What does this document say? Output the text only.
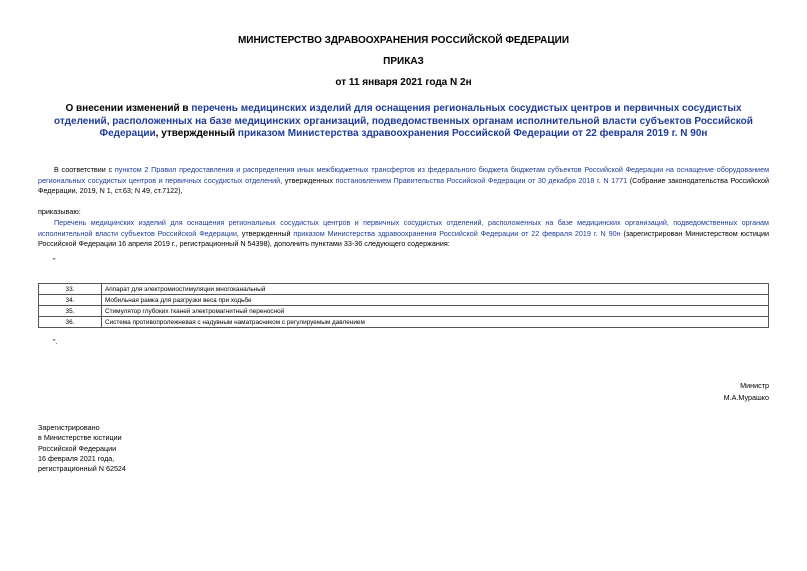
МИНИСТЕРСТВО ЗДРАВООХРАНЕНИЯ РОССИЙСКОЙ ФЕДЕРАЦИИ
ПРИКАЗ
от 11 января 2021 года N 2н
О внесении изменений в перечень медицинских изделий для оснащения региональных сосудистых центров и первичных сосудистых отделений, расположенных на базе медицинских организаций, подведомственных органам исполнительной власти субъектов Российской Федерации, утвержденный приказом Министерства здравоохранения Российской Федерации от 22 февраля 2019 г. N 90н
В соответствии с пунктом 2 Правил предоставления и распределения иных межбюджетных трансфертов из федерального бюджета бюджетам субъектов Российской Федерации на оснащение оборудованием региональных сосудистых центров и первичных сосудистых отделений, утвержденных постановлением Правительства Российской Федерации от 30 декабря 2018 г. N 1771 (Собрание законодательства Российской Федерации, 2019, N 1, ст.63; N 49, ст.7122),
приказываю:
Перечень медицинских изделий для оснащения региональных сосудистых центров и первичных сосудистых отделений, расположенных на базе медицинских организаций, подведомственных органам исполнительной власти субъектов Российской Федерации, утвержденный приказом Министерства здравоохранения Российской Федерации от 22 февраля 2019 г. N 90н (зарегистрирован Министерством юстиции Российской Федерации 16 апреля 2019 г., регистрационный N 54398), дополнить пунктами 33-36 следующего содержания:
"
33.	Аппарат для электромиостимуляции многоканальный
34.	Мобильная рамка для разгрузки веса при ходьбе
35.	Стимулятор глубоких тканей электромагнитный переносной
36.	Система противопролежневая с надувным наматрасником с регулируемым давлением
".
Министр
М.А.Мурашко
Зарегистрировано
в Министерстве юстиции
Российской Федерации
16 февраля 2021 года,
регистрационный N 62524
